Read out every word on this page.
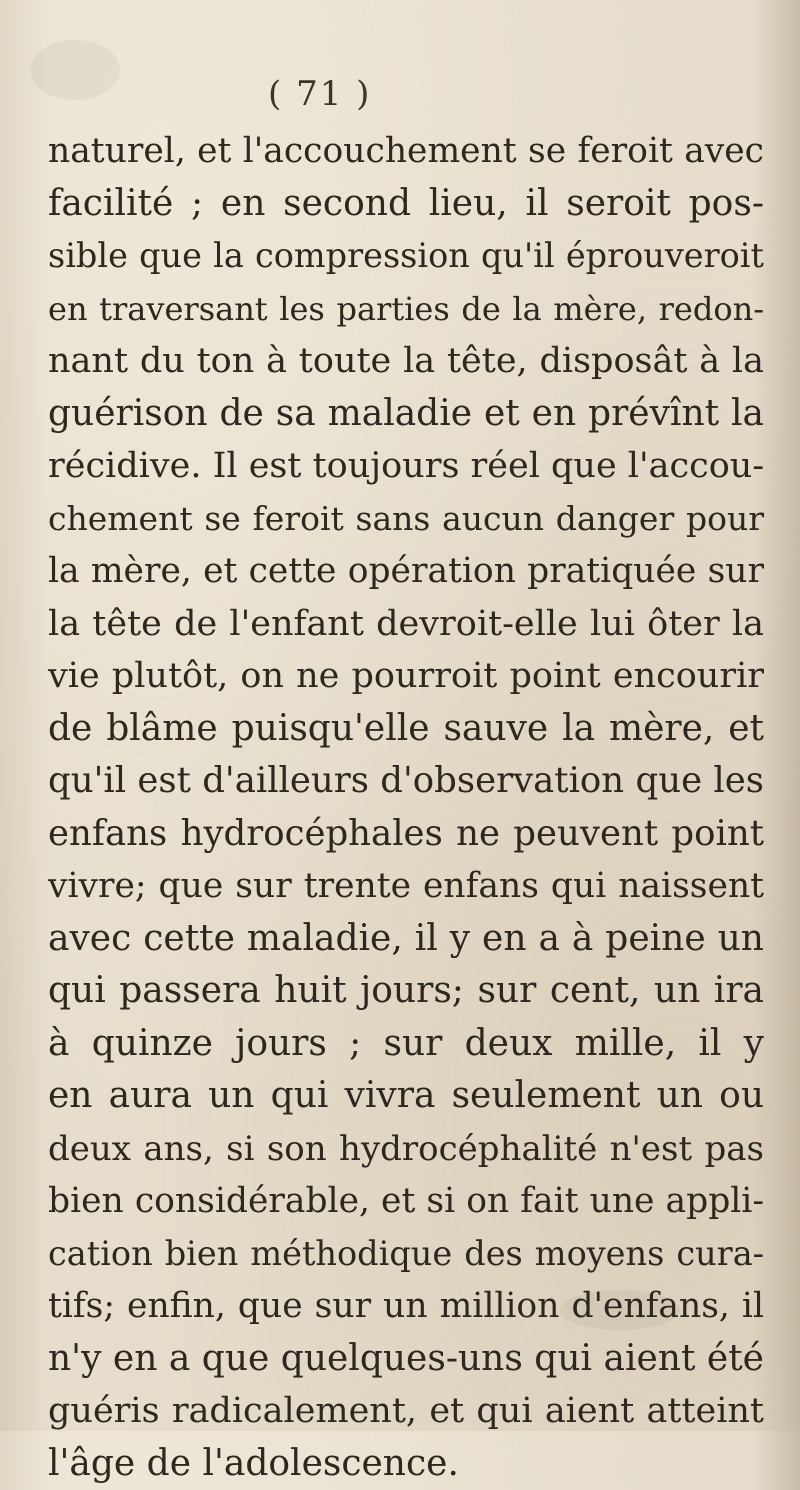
( 71 )
naturel, et l'accouchement se feroit avec
facilité ; en second lieu, il seroit pos-
sible que la compression qu'il éprouveroit
en traversant les parties de la mère, redon-
nant du ton à toute la tête, disposât à la
guérison de sa maladie et en prévînt la
récidive. Il est toujours réel que l'accou-
chement se feroit sans aucun danger pour
la mère, et cette opération pratiquée sur
la tête de l'enfant devroit-elle lui ôter la
vie plutôt, on ne pourroit point encourir
de blâme puisqu'elle sauve la mère, et
qu'il est d'ailleurs d'observation que les
enfans hydrocéphales ne peuvent point
vivre; que sur trente enfans qui naissent
avec cette maladie, il y en a à peine un
qui passera huit jours; sur cent, un ira
à quinze jours ; sur deux mille, il y
en aura un qui vivra seulement un ou
deux ans, si son hydrocéphalité n'est pas
bien considérable, et si on fait une appli-
cation bien méthodique des moyens cura-
tifs; enfin, que sur un million d'enfans, il
n'y en a que quelques-uns qui aient été
guéris radicalement, et qui aient atteint
l'âge de l'adolescence.
